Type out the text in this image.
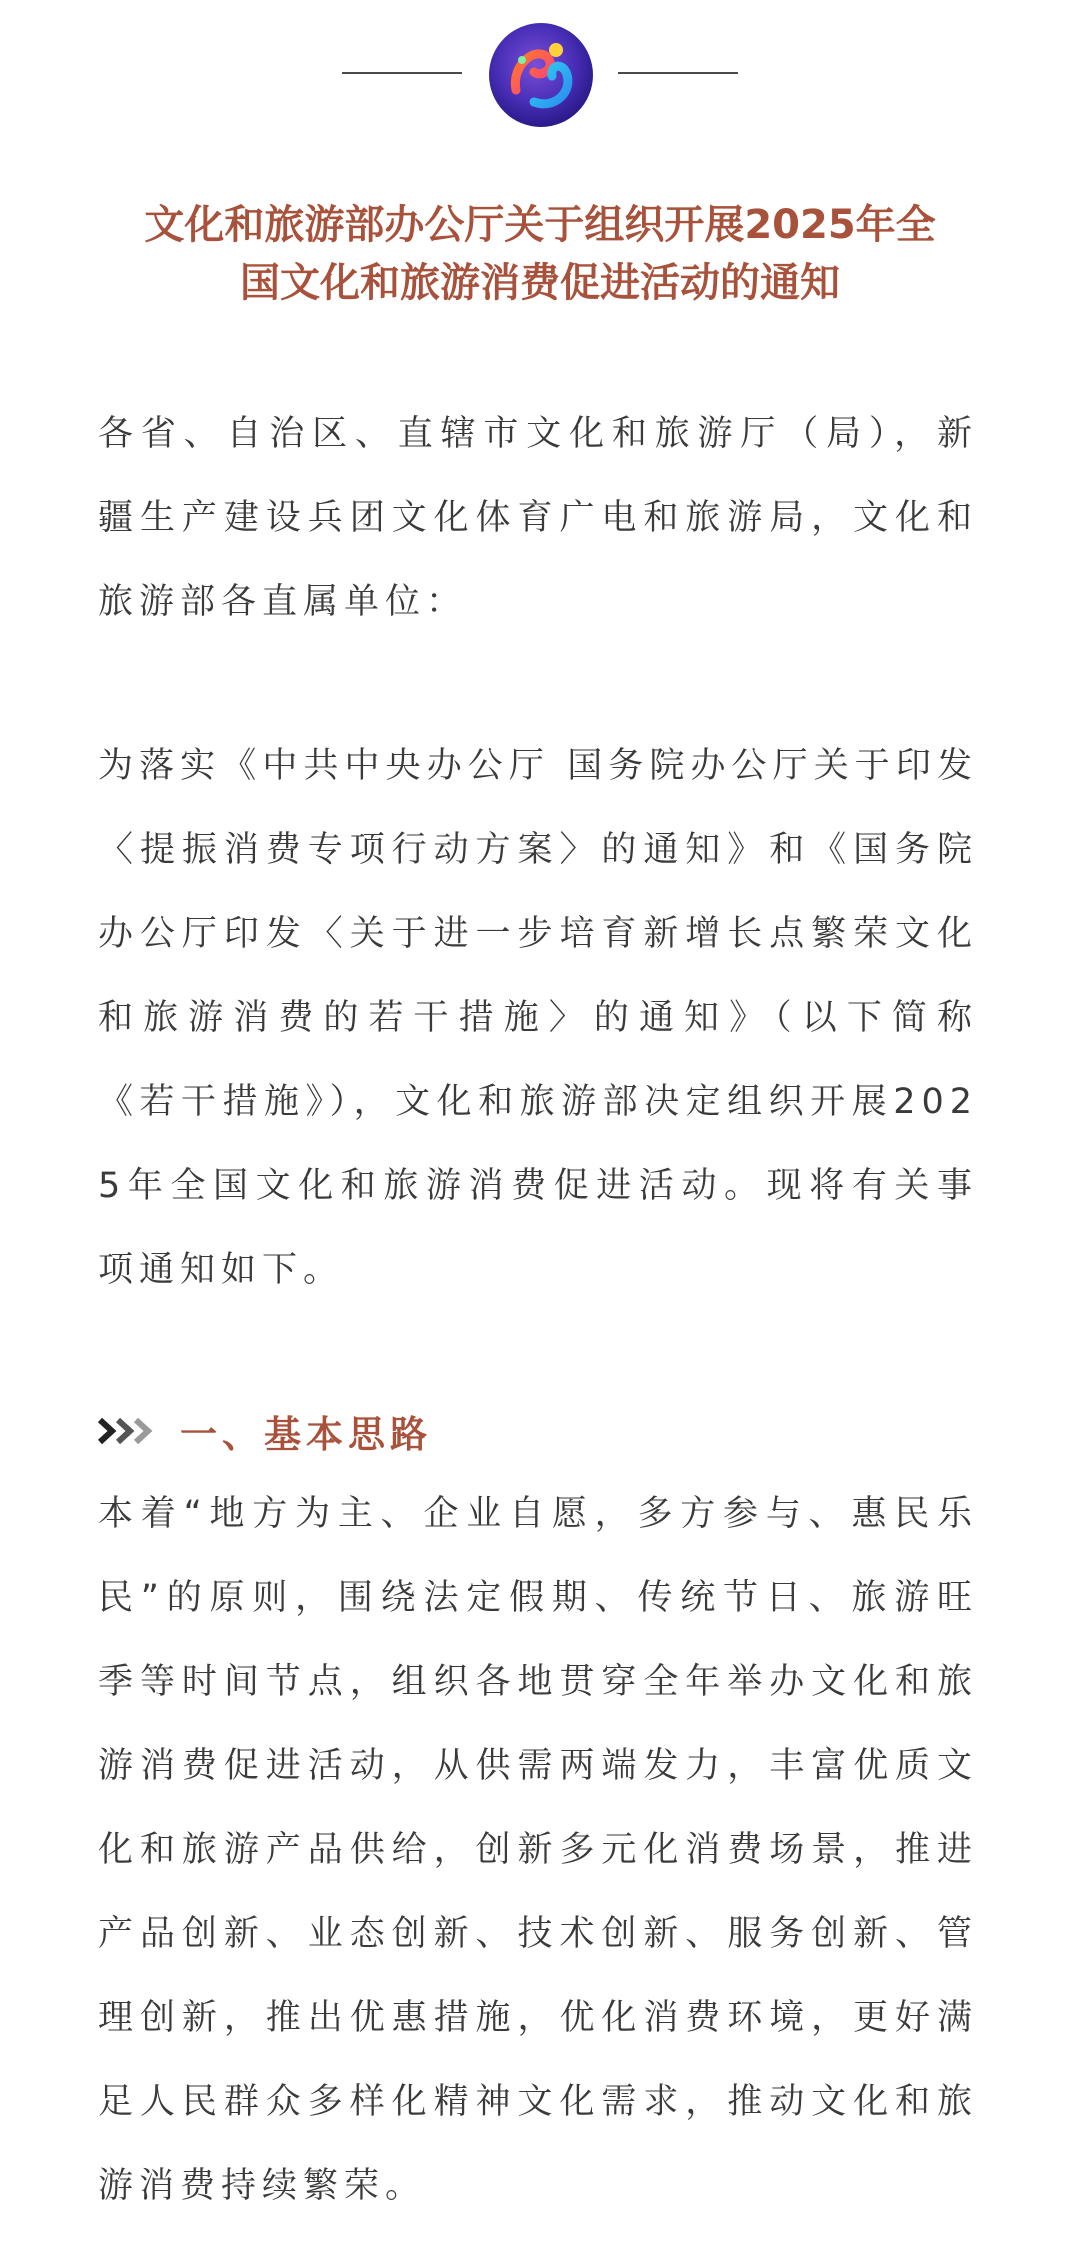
文化和旅游部办公厅关于组织开展2025年全
国文化和旅游消费促进活动的通知

各省、自治区、直辖市文化和旅游厅（局），新疆生产建设兵团文化体育广电和旅游局，文化和旅游部各直属单位：

为落实《中共中央办公厅 国务院办公厅关于印发〈提振消费专项行动方案〉的通知》和《国务院办公厅印发〈关于进一步培育新增长点繁荣文化和旅游消费的若干措施〉的通知》（以下简称《若干措施》），文化和旅游部决定组织开展2025年全国文化和旅游消费促进活动。现将有关事项通知如下。

一、基本思路

本着“地方为主、企业自愿，多方参与、惠民乐民”的原则，围绕法定假期、传统节日、旅游旺季等时间节点，组织各地贯穿全年举办文化和旅游消费促进活动，从供需两端发力，丰富优质文化和旅游产品供给，创新多元化消费场景，推进产品创新、业态创新、技术创新、服务创新、管理创新，推出优惠措施，优化消费环境，更好满足人民群众多样化精神文化需求，推动文化和旅游消费持续繁荣。
